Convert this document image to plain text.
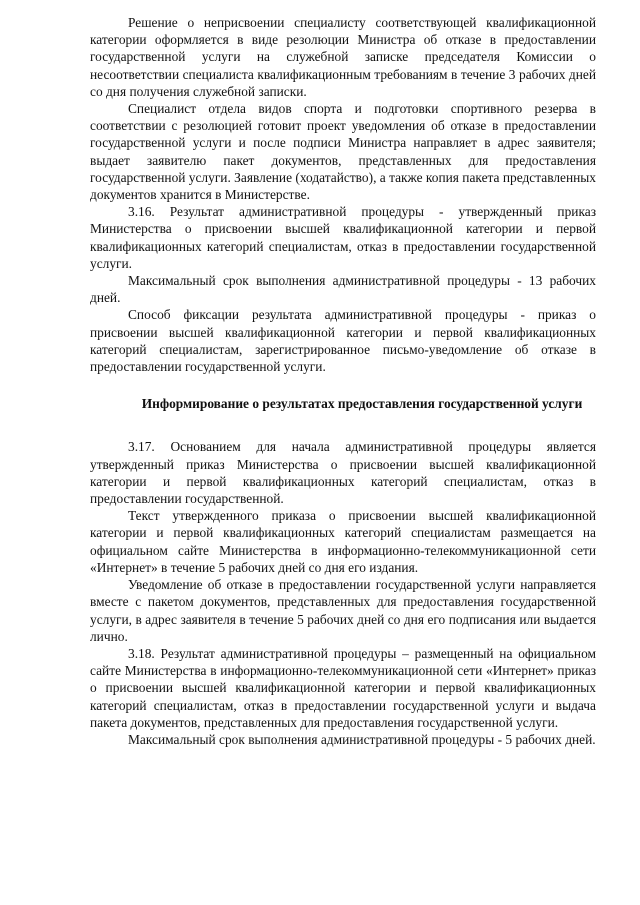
Решение о неприсвоении специалисту соответствующей квалификационной категории оформляется в виде резолюции Министра об отказе в предоставлении государственной услуги на служебной записке председателя Комиссии о несоответствии специалиста квалификационным требованиям в течение 3 рабочих дней со дня получения служебной записки.

Специалист отдела видов спорта и подготовки спортивного резерва в соответствии с резолюцией готовит проект уведомления об отказе в предоставлении государственной услуги и после подписи Министра направляет в адрес заявителя; выдает заявителю пакет документов, представленных для предоставления государственной услуги. Заявление (ходатайство), а также копия пакета представленных документов хранится в Министерстве.

3.16. Результат административной процедуры - утвержденный приказ Министерства о присвоении высшей квалификационной категории и первой квалификационных категорий специалистам, отказ в предоставлении государственной услуги.

Максимальный срок выполнения административной процедуры - 13 рабочих дней.

Способ фиксации результата административной процедуры - приказ о присвоении высшей квалификационной категории и первой квалификационных категорий специалистам, зарегистрированное письмо-уведомление об отказе в предоставлении государственной услуги.

Информирование о результатах предоставления государственной услуги

3.17. Основанием для начала административной процедуры является утвержденный приказ Министерства о присвоении высшей квалификационной категории и первой квалификационных категорий специалистам, отказ в предоставлении государственной.

Текст утвержденного приказа о присвоении высшей квалификационной категории и первой квалификационных категорий специалистам размещается на официальном сайте Министерства в информационно-телекоммуникационной сети «Интернет» в течение 5 рабочих дней со дня его издания.

Уведомление об отказе в предоставлении государственной услуги направляется вместе с пакетом документов, представленных для предоставления государственной услуги, в адрес заявителя в течение 5 рабочих дней со дня его подписания или выдается лично.

3.18. Результат административной процедуры – размещенный на официальном сайте Министерства в информационно-телекоммуникационной сети «Интернет» приказ о присвоении высшей квалификационной категории и первой квалификационных категорий специалистам, отказ в предоставлении государственной услуги и выдача пакета документов, представленных для предоставления государственной услуги.

Максимальный срок выполнения административной процедуры - 5 рабочих дней.
